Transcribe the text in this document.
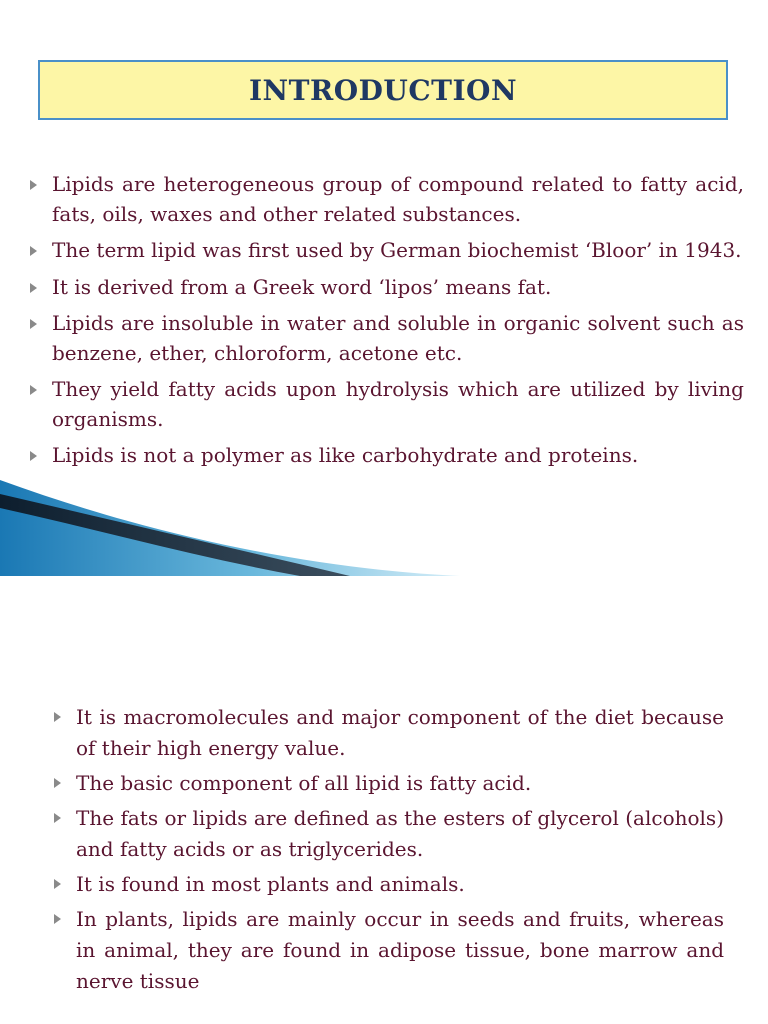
INTRODUCTION
Lipids are heterogeneous group of compound related to fatty acid, fats, oils, waxes and other related substances.
The term lipid was first used by German biochemist ‘Bloor’ in 1943.
It is derived from a Greek word ‘lipos’ means fat.
Lipids are insoluble in water and soluble in organic solvent such as benzene, ether, chloroform, acetone etc.
They yield fatty acids upon hydrolysis which are utilized by living organisms.
Lipids is not a polymer as like carbohydrate and proteins.
It is macromolecules and major component of the diet because of their high energy value.
The basic component of all lipid is fatty acid.
The fats or lipids are defined as the esters of glycerol (alcohols) and fatty acids or as triglycerides.
It is found in most plants and animals.
In plants, lipids are mainly occur in seeds and fruits, whereas in animal, they are found in adipose tissue, bone marrow and nerve tissue
